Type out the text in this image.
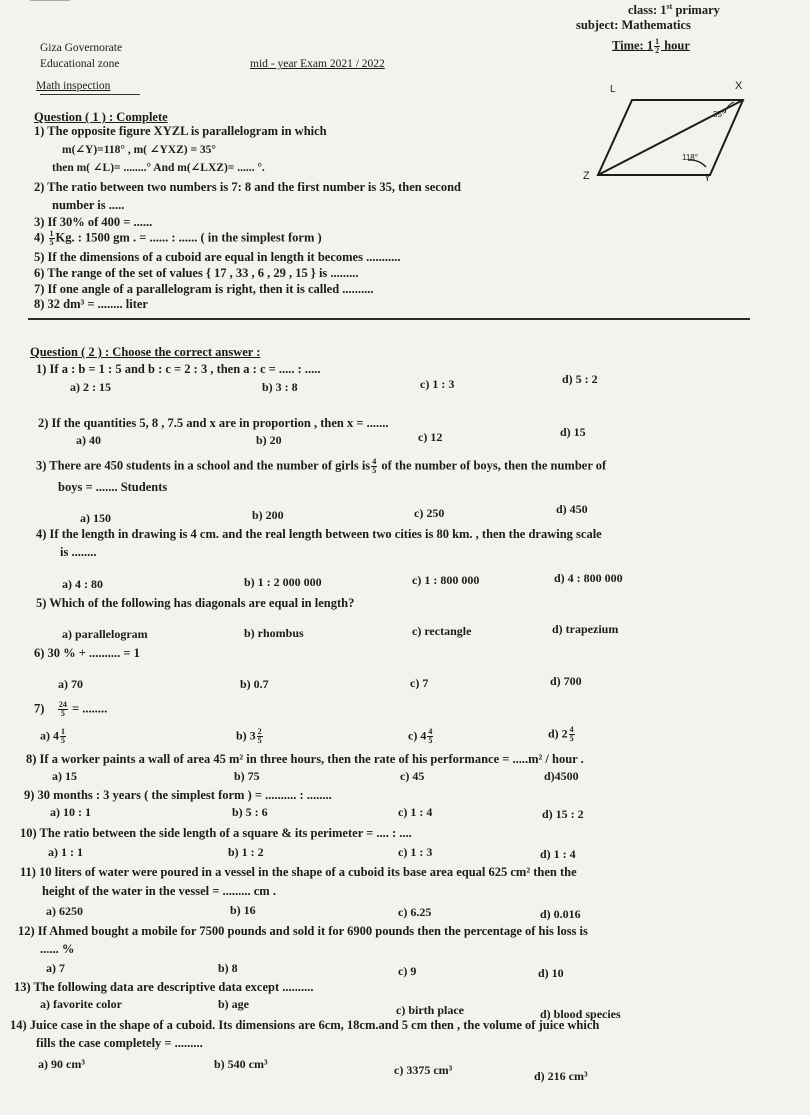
Giza Governorate
Educational zone
Math inspection
mid - year Exam 2021 / 2022
class: 1st primary
subject: Mathematics
Time: $1 \frac{1}{2}$ hour
L	X
Z	Y
35°
118°
Question ( 1 ) : Complete
1) The opposite figure XYZL is parallelogram in which
m(∠Y)=118° , m( ∠YXZ) = 35°
then m( ∠L)= ........° And m(∠LXZ)= ...... °.
2) The ratio between two numbers is 7: 8 and the first number is 35, then second
number is .....
3) If 30% of 400 = ......
$4) \frac{1}{5} Kg$. : 1500 gm . = ...... : ...... ( in the simplest form )
5) If the dimensions of a cuboid are equal in length it becomes ...........
6) The range of the set of values { 17 , 33 , 6 , 29 , 15 } is .........
7) If one angle of a parallelogram is right, then it is called ..........
8) 32 dm³ = ........ liter
Question ( 2 ) : Choose the correct answer :
1) If a : b = 1 : 5 and b : c = 2 : 3 , then a : c = ..... : .....
a) 2 : 15	b) 3 : 8	c) 1 : 3	d) 5 : 2
2) If the quantities 5, 8 , 7.5 and x are in proportion , then x = .......
a) 40	b) 20	c) 12	d) 15
3) There are 450 students in a school and the number of girls is $\frac{4}{5}$ of the number of boys, then the number of
boys = ....... Students
a) 150	b) 200	c) 250	d) 450
4) If the length in drawing is 4 cm. and the real length between two cities is 80 km. , then the drawing scale
is ........
a) 4 : 80	b) 1 : 2 000 000	c) 1 : 800 000	d) 4 : 800 000
5) Which of the following has diagonals are equal in length?
a) parallelogram	b) rhombus	c) rectangle	d) trapezium
6) 30 % + .......... = 1
a) 70	b) 0.7	c) 7	d) 700
$7) \frac{24}{5}$ = ........
a) $4 \frac{1}{5}$	b) $3 \frac{2}{5}$	c) $4 \frac{4}{5}$	d) $2 \frac{4}{5}$
8) If a worker paints a wall of area 45 m² in three hours, then the rate of his performance = .....m² / hour .
a) 15	b) 75	c) 45	d)4500
9) 30 months : 3 years ( the simplest form ) = .......... : ........
a) 10 : 1	b) 5 : 6	c) 1 : 4	d) 15 : 2
10) The ratio between the side length of a square & its perimeter = .... : ....
a) 1 : 1	b) 1 : 2	c) 1 : 3	d) 1 : 4
11) 10 liters of water were poured in a vessel in the shape of a cuboid its base area equal 625 cm² then the
height of the water in the vessel = ......... cm .
a) 6250	b) 16	c) 6.25	d) 0.016
12) If Ahmed bought a mobile for 7500 pounds and sold it for 6900 pounds then the percentage of his loss is
...... %
a) 7	b) 8	c) 9	d) 10
13) The following data are descriptive data except ..........
a) favorite color	b) age	c) birth place	d) blood species
14) Juice case in the shape of a cuboid. Its dimensions are 6cm, 18cm.and 5 cm then , the volume of juice which
fills the case completely = .........
a) 90 cm³	b) 540 cm³	c) 3375 cm³	d) 216 cm³
